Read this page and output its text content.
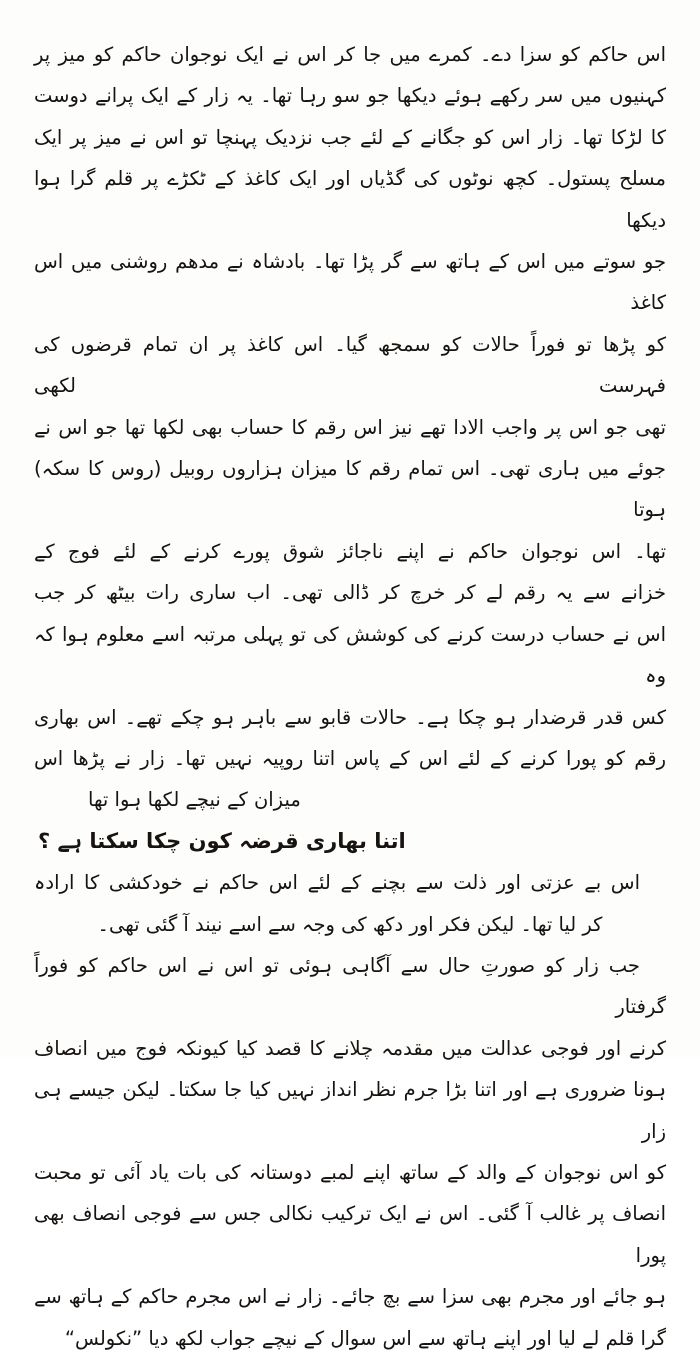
اس حاکم کو سزا دے۔ کمرے میں جا کر اس نے ایک نوجوان حاکم کو میز پر
کہنیوں میں سر رکھے ہوئے دیکھا جو سو رہا تھا۔ یہ زار کے ایک پرانے دوست
کا لڑکا تھا۔ زار اس کو جگانے کے لئے جب نزدیک پہنچا تو اس نے میز پر ایک
مسلح پستول۔ کچھ نوٹوں کی گڈیاں اور ایک کاغذ کے ٹکڑے پر قلم گرا ہوا دیکھا
جو سوتے میں اس کے ہاتھ سے گر پڑا تھا۔ بادشاہ نے مدھم روشنی میں اس کاغذ
کو پڑھا تو فوراً حالات کو سمجھ گیا۔ اس کاغذ پر ان تمام قرضوں کی فہرست لکھی
تھی جو اس پر واجب الادا تھے نیز اس رقم کا حساب بھی لکھا تھا جو اس نے
جوئے میں ہاری تھی۔ اس تمام رقم کا میزان ہزاروں روبیل (روس کا سکہ) ہوتا
تھا۔ اس نوجوان حاکم نے اپنے ناجائز شوق پورے کرنے کے لئے فوج کے
خزانے سے یہ رقم لے کر خرچ کر ڈالی تھی۔ اب ساری رات بیٹھ کر جب
اس نے حساب درست کرنے کی کوشش کی تو پہلی مرتبہ اسے معلوم ہوا کہ وہ
کس قدر قرضدار ہو چکا ہے۔ حالات قابو سے باہر ہو چکے تھے۔ اس بھاری
رقم کو پورا کرنے کے لئے اس کے پاس اتنا روپیہ نہیں تھا۔ زار نے پڑھا اس
میزان کے نیچے لکھا ہوا تھا
اتنا بھاری قرضہ کون چکا سکتا ہے ؟
اس بے عزتی اور ذلت سے بچنے کے لئے اس حاکم نے خودکشی کا ارادہ
کر لیا تھا۔ لیکن فکر اور دکھ کی وجہ سے اسے نیند آ گئی تھی۔
جب زار کو صورتِ حال سے آگاہی ہوئی تو اس نے اس حاکم کو فوراً گرفتار
کرنے اور فوجی عدالت میں مقدمہ چلانے کا قصد کیا کیونکہ فوج میں انصاف
ہونا ضروری ہے اور اتنا بڑا جرم نظر انداز نہیں کیا جا سکتا۔ لیکن جیسے ہی زار
کو اس نوجوان کے والد کے ساتھ اپنے لمبے دوستانہ کی بات یاد آئی تو محبت
انصاف پر غالب آ گئی۔ اس نے ایک ترکیب نکالی جس سے فوجی انصاف بھی پورا
ہو جائے اور مجرم بھی سزا سے بچ جائے۔ زار نے اس مجرم حاکم کے ہاتھ سے
گرا قلم لے لیا اور اپنے ہاتھ سے اس سوال کے نیچے جواب لکھ دیا ”نکولس“
